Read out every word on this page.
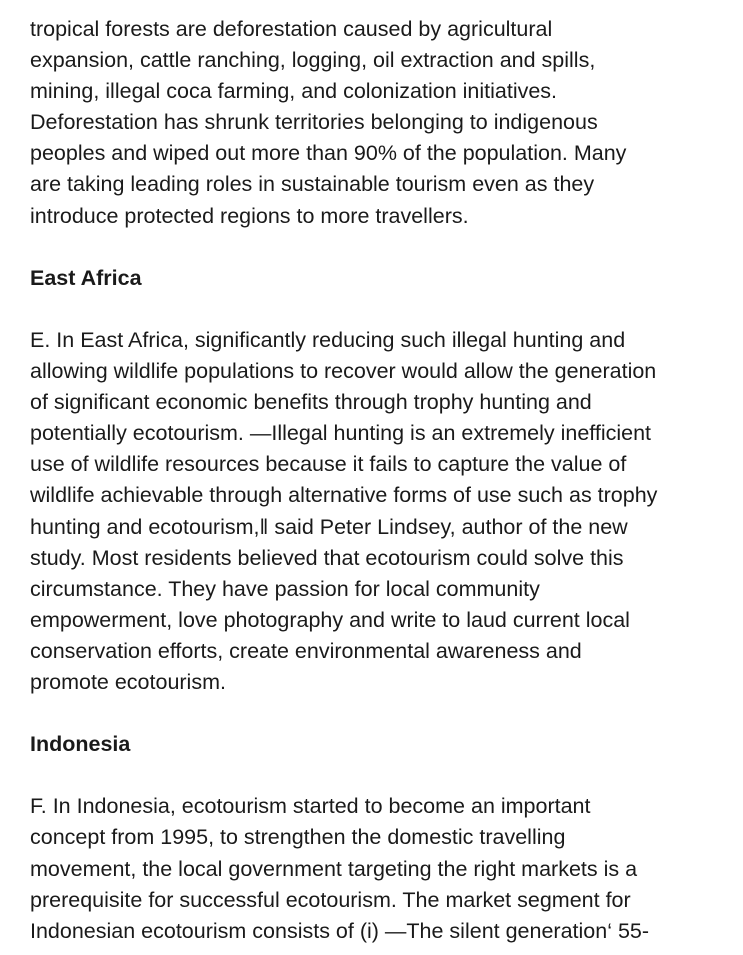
tropical forests are deforestation caused by agricultural
expansion, cattle ranching, logging, oil extraction and spills,
mining, illegal coca farming, and colonization initiatives.
Deforestation has shrunk territories belonging to indigenous
peoples and wiped out more than 90% of the population. Many
are taking leading roles in sustainable tourism even as they
introduce protected regions to more travellers.
East Africa
E. In East Africa, significantly reducing such illegal hunting and
allowing wildlife populations to recover would allow the generation
of significant economic benefits through trophy hunting and
potentially ecotourism. —Illegal hunting is an extremely inefficient
use of wildlife resources because it fails to capture the value of
wildlife achievable through alternative forms of use such as trophy
hunting and ecotourism,‖ said Peter Lindsey, author of the new
study. Most residents believed that ecotourism could solve this
circumstance. They have passion for local community
empowerment, love photography and write to laud current local
conservation efforts, create environmental awareness and
promote ecotourism.
Indonesia
F. In Indonesia, ecotourism started to become an important
concept from 1995, to strengthen the domestic travelling
movement, the local government targeting the right markets is a
prerequisite for successful ecotourism. The market segment for
Indonesian ecotourism consists of (i) —The silent generation‘ 55-
